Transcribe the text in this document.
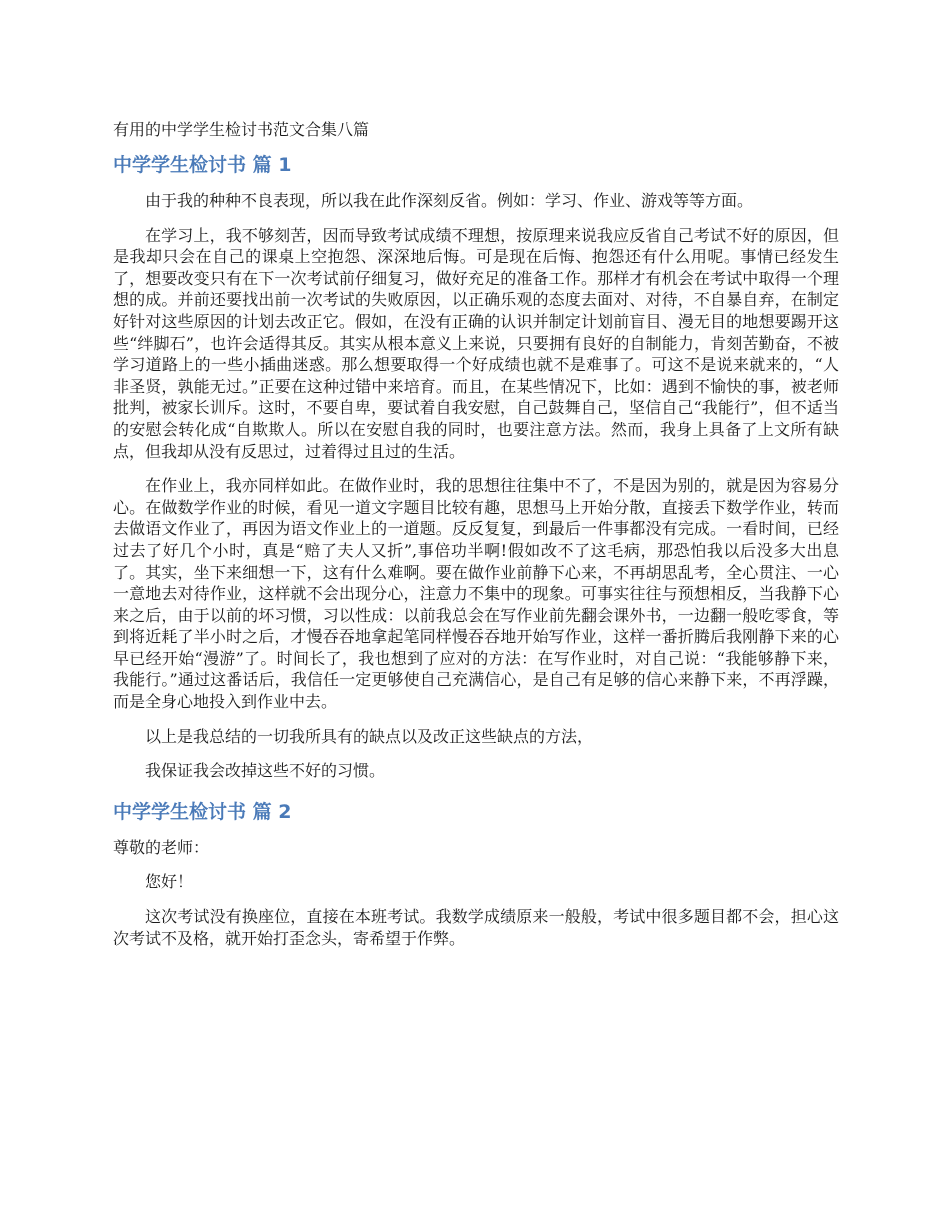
有用的中学学生检讨书范文合集八篇
中学学生检讨书 篇 1

由于我的种种不良表现，所以我在此作深刻反省。例如：学习、作业、游戏等等方面。

在学习上，我不够刻苦，因而导致考试成绩不理想，按原理来说我应反省自己考试不好的原因，但是我却只会在自己的课桌上空抱怨、深深地后悔。可是现在后悔、抱怨还有什么用呢。事情已经发生了，想要改变只有在下一次考试前仔细复习，做好充足的准备工作。那样才有机会在考试中取得一个理想的成。并前还要找出前一次考试的失败原因，以正确乐观的态度去面对、对待，不自暴自弃，在制定好针对这些原因的计划去改正它。假如，在没有正确的认识并制定计划前盲目、漫无目的地想要踢开这些“绊脚石”，也许会适得其反。其实从根本意义上来说，只要拥有良好的自制能力，肯刻苦勤奋，不被学习道路上的一些小插曲迷惑。那么想要取得一个好成绩也就不是难事了。可这不是说来就来的，“人非圣贤，孰能无过。”正要在这种过错中来培育。而且，在某些情况下，比如：遇到不愉快的事，被老师批判，被家长训斥。这时，不要自卑，要试着自我安慰，自己鼓舞自己，坚信自己“我能行”，但不适当的安慰会转化成“自欺欺人。所以在安慰自我的同时，也要注意方法。然而，我身上具备了上文所有缺点，但我却从没有反思过，过着得过且过的生活。

在作业上，我亦同样如此。在做作业时，我的思想往往集中不了，不是因为别的，就是因为容易分心。在做数学作业的时候，看见一道文字题目比较有趣，思想马上开始分散，直接丢下数学作业，转而去做语文作业了，再因为语文作业上的一道题。反反复复，到最后一件事都没有完成。一看时间，已经过去了好几个小时，真是“赔了夫人又折”,事倍功半啊!假如改不了这毛病，那恐怕我以后没多大出息了。其实，坐下来细想一下，这有什么难啊。要在做作业前静下心来，不再胡思乱考，全心贯注、一心一意地去对待作业，这样就不会出现分心，注意力不集中的现象。可事实往往与预想相反，当我静下心来之后，由于以前的坏习惯，习以性成：以前我总会在写作业前先翻会课外书，一边翻一般吃零食，等到将近耗了半小时之后，才慢吞吞地拿起笔同样慢吞吞地开始写作业，这样一番折腾后我刚静下来的心早已经开始“漫游”了。时间长了，我也想到了应对的方法：在写作业时，对自己说：“我能够静下来，我能行。”通过这番话后，我信任一定更够使自己充满信心，是自己有足够的信心来静下来，不再浮躁，而是全身心地投入到作业中去。

以上是我总结的一切我所具有的缺点以及改正这些缺点的方法，

我保证我会改掉这些不好的习惯。

中学学生检讨书 篇 2

尊敬的老师：

您好！

这次考试没有换座位，直接在本班考试。我数学成绩原来一般般，考试中很多题目都不会，担心这次考试不及格，就开始打歪念头，寄希望于作弊。
